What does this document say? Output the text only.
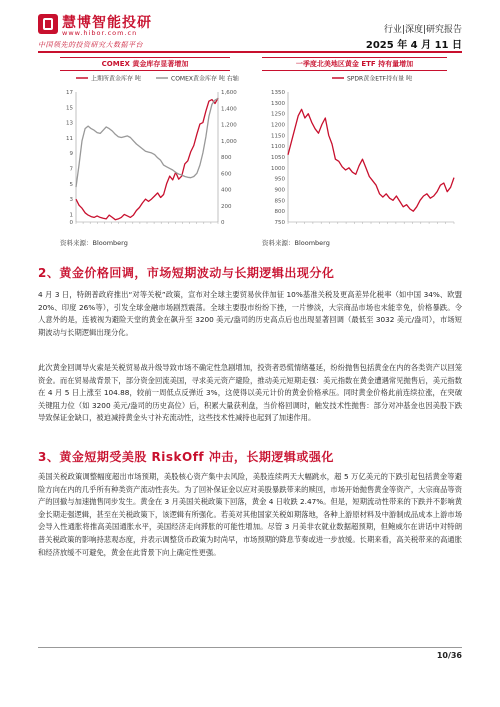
慧博智能投研
www.hibor.com.cn
中国领先的投资研究大数据平台
行业|深度|研究报告
2025 年 4 月 11 日
COMEX 黄金库存显著增加
上期所黄金库存 吨	COMEX黄金库存 吨 右轴
0
1
3
5
7
9
11
13
15
17
0
200
400
600
800
1,000
1,200
1,400
1,600
资料来源：Bloomberg
一季度北美地区黄金 ETF 持有量增加
SPDR黄金ETF持有量 吨
750
800
850
900
950
1000
1050
1100
1150
1200
1250
1300
1350
资料来源：Bloomberg
2、黄金价格回调，市场短期波动与长期逻辑出现分化

4 月 3 日，特朗普政府推出“对等关税”政策，宣布对全球主要贸易伙伴加征 10%基准关税及更高差异化税率（如中国 34%、欧盟 20%、印度 26%等），引发全球金融市场剧烈震荡。全球主要股市纷纷下挫，一片惨淡，大宗商品市场也未能幸免，价格暴跌。令人意外的是，连被视为避险天堂的黄金在飙升至 3200 美元/盎司的历史高点后也出现显著回调（最低至 3032 美元/盎司），市场短期波动与长期逻辑出现分化。

此次黄金回调导火索是关税贸易战升级导致市场不确定性急剧增加，投资者恐慌情绪蔓延，纷纷抛售包括黄金在内的各类资产以回笼资金。而在贸易战背景下，部分资金回流美国，寻求美元资产避险，推动美元短期走强：美元指数在黄金遭遇常见抛售后，美元指数在 4 月 5 日上涨至 104.88，较前一周低点反弹近 3%，这使得以美元计价的黄金价格承压。同时黄金价格此前连续拉涨，在突破关键阻力位（如 3200 美元/盎司的历史高位）后，积累大量获利盘，当价格回调时，触发技术性抛售：部分对冲基金也因美股下跌导致保证金缺口，被迫减持黄金头寸补充流动性，这些技术性减持也起到了加速作用。

3、黄金短期受美股 RiskOff 冲击，长期逻辑或强化

美国关税政策调整幅度超出市场预期，美股核心资产集中去风险，美股连续两天大幅跳水，超 5 万亿美元的下跌引起包括黄金等避险方向在内的几乎所有种类资产流动性丧失。为了回补保证金以应对美股暴跌带来的赎回，市场开始抛售黄金等资产，大宗商品等资产的回撤与加速抛售同步发生。黄金在 3 月美国关税政策下回落，黄金 4 日收跌 2.47%。但是，短期流动性带来的下跌并不影响黄金长期走强逻辑，甚至在关税政策下，该逻辑有所强化。若美对其他国家关税如期落地，各种上游原材料及中游制成品成本上游市场会导入性通胀将推高美国通胀水平，美国经济走向滞胀的可能性增加。尽管 3 月美非农就业数据超预期，但鲍威尔在讲话中对特朗普关税政策的影响持悲观态度，并表示调整货币政策为时尚早，市场预期的降息节奏或进一步放缓。长期来看，高关税带来的高通胀和经济放缓不可避免，黄金在此背景下向上确定性更强。

10/36
